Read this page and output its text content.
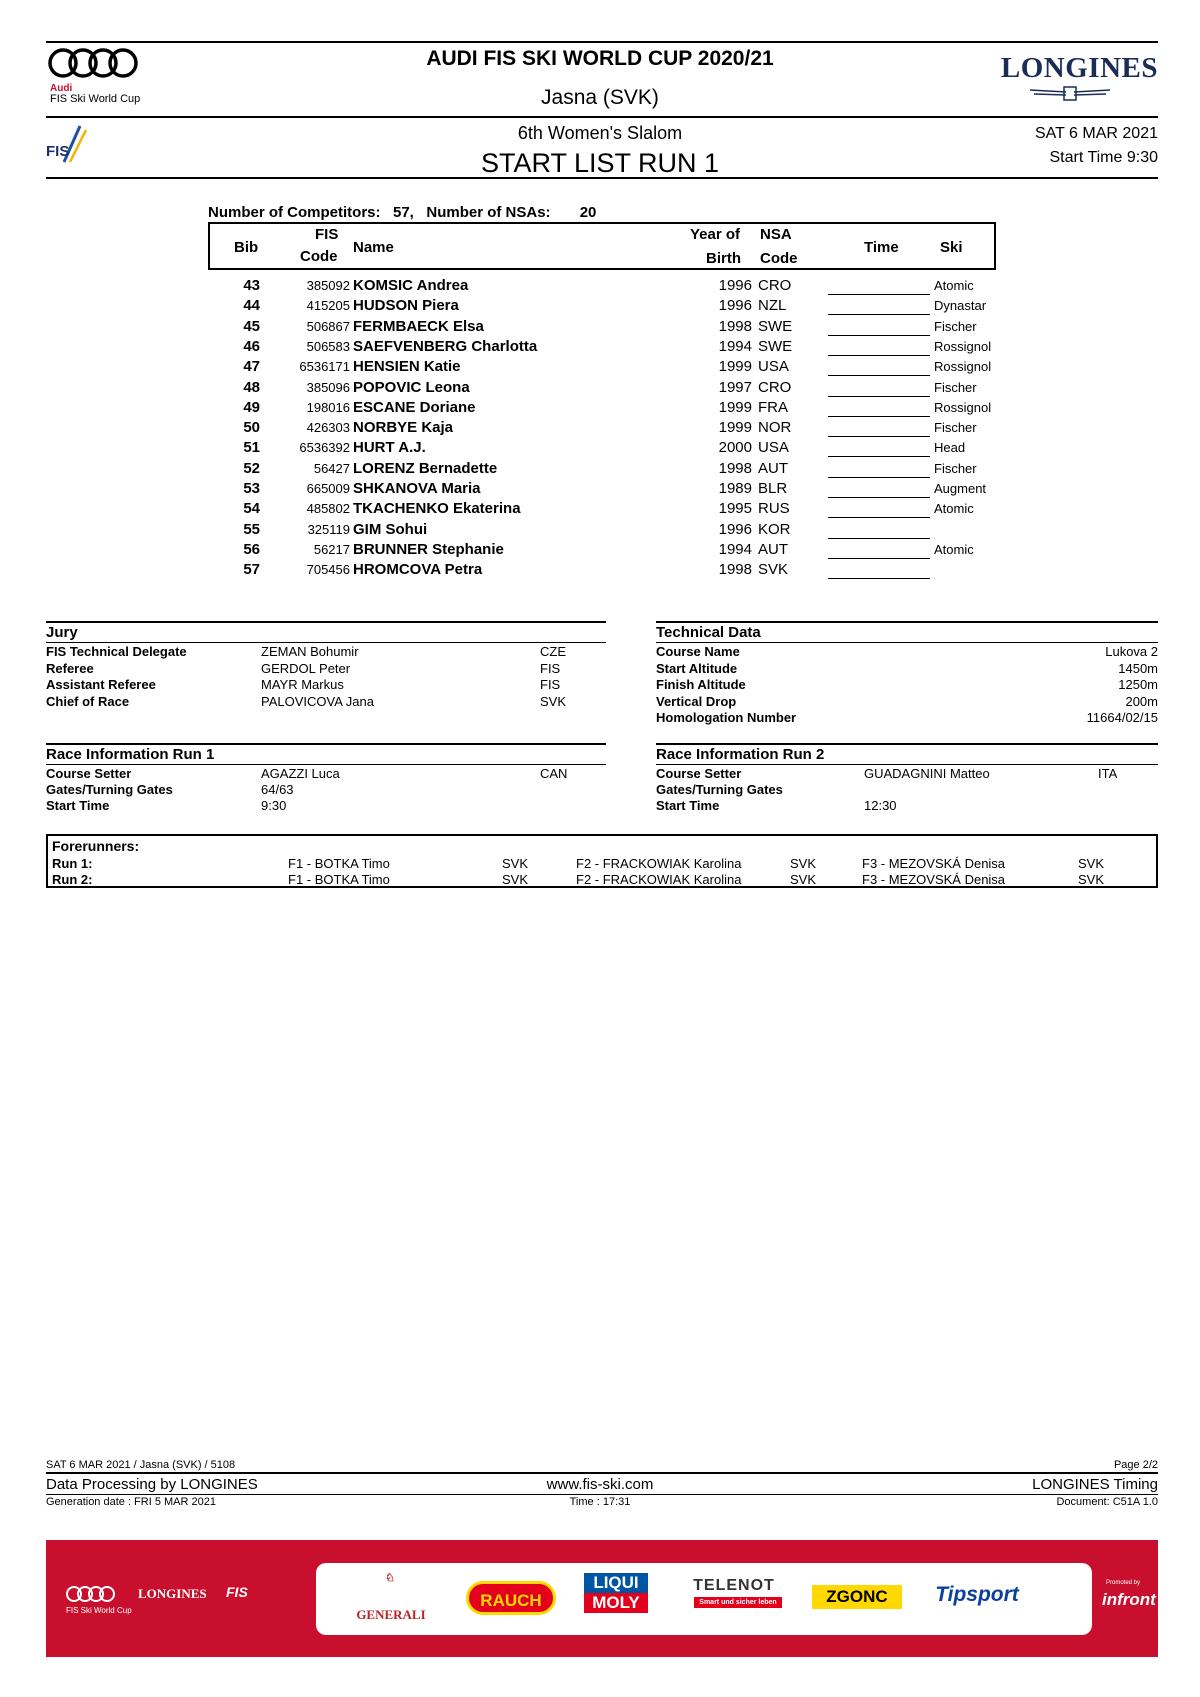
Audi
FIS Ski World Cup
AUDI FIS SKI WORLD CUP 2020/21
Jasna (SVK)
LONGINES
FIS
6th Women's Slalom
START LIST RUN 1
SAT 6 MAR 2021
Start Time 9:30
Number of Competitors:   57,   Number of NSAs:       20
Bib
FIS
Code
Name
Year of
Birth
NSA
Code
Time	Ski
43	385092 KOMSIC Andrea	1996 CRO	Atomic
44	415205 HUDSON Piera	1996 NZL	Dynastar
45	506867 FERMBAECK Elsa	1998 SWE	Fischer
46	506583 SAEFVENBERG Charlotta	1994 SWE	Rossignol
47	6536171 HENSIEN Katie	1999 USA	Rossignol
48	385096 POPOVIC Leona	1997 CRO	Fischer
49	198016 ESCANE Doriane	1999 FRA	Rossignol
50	426303 NORBYE Kaja	1999 NOR	Fischer
51	6536392 HURT A.J.	2000 USA	Head
52	56427 LORENZ Bernadette	1998 AUT	Fischer
53	665009 SHKANOVA Maria	1989 BLR	Augment
54	485802 TKACHENKO Ekaterina	1995 RUS	Atomic
55	325119 GIM Sohui	1996 KOR
56	56217 BRUNNER Stephanie	1994 AUT	Atomic
57	705456 HROMCOVA Petra	1998 SVK
Jury
FIS Technical Delegate	ZEMAN Bohumir	CZE
Referee	GERDOL Peter	FIS
Assistant Referee	MAYR Markus	FIS
Chief of Race	PALOVICOVA Jana	SVK
Technical Data
Course Name	Lukova 2
Start Altitude	1450m
Finish Altitude	1250m
Vertical Drop	200m
Homologation Number	11664/02/15
Race Information Run 1
Course Setter	AGAZZI Luca	CAN
Gates/Turning Gates	64/63
Start Time	9:30
Race Information Run 2
Course Setter	GUADAGNINI Matteo	ITA
Gates/Turning Gates
Start Time	12:30
Forerunners:
Run 1:	F1 - BOTKA Timo	SVK	F2 - FRACKOWIAK Karolina	SVK	F3 - MEZOVSKÁ Denisa	SVK
Run 2:	F1 - BOTKA Timo	SVK	F2 - FRACKOWIAK Karolina	SVK	F3 - MEZOVSKÁ Denisa	SVK
SAT 6 MAR 2021 / Jasna (SVK) / 5108	Page 2/2
Data Processing by LONGINES	www.fis-ski.com	LONGINES Timing
Generation date : FRI 5 MAR 2021	Time : 17:31	Document: C51A 1.0
FIS Ski World Cup
LONGINES FIS
♘
GENERALI
RAUCH
LIQUI
MOLY
TELENOT
Smart und sicher leben	ZGONC	Tipsport	Promoted by
infront
